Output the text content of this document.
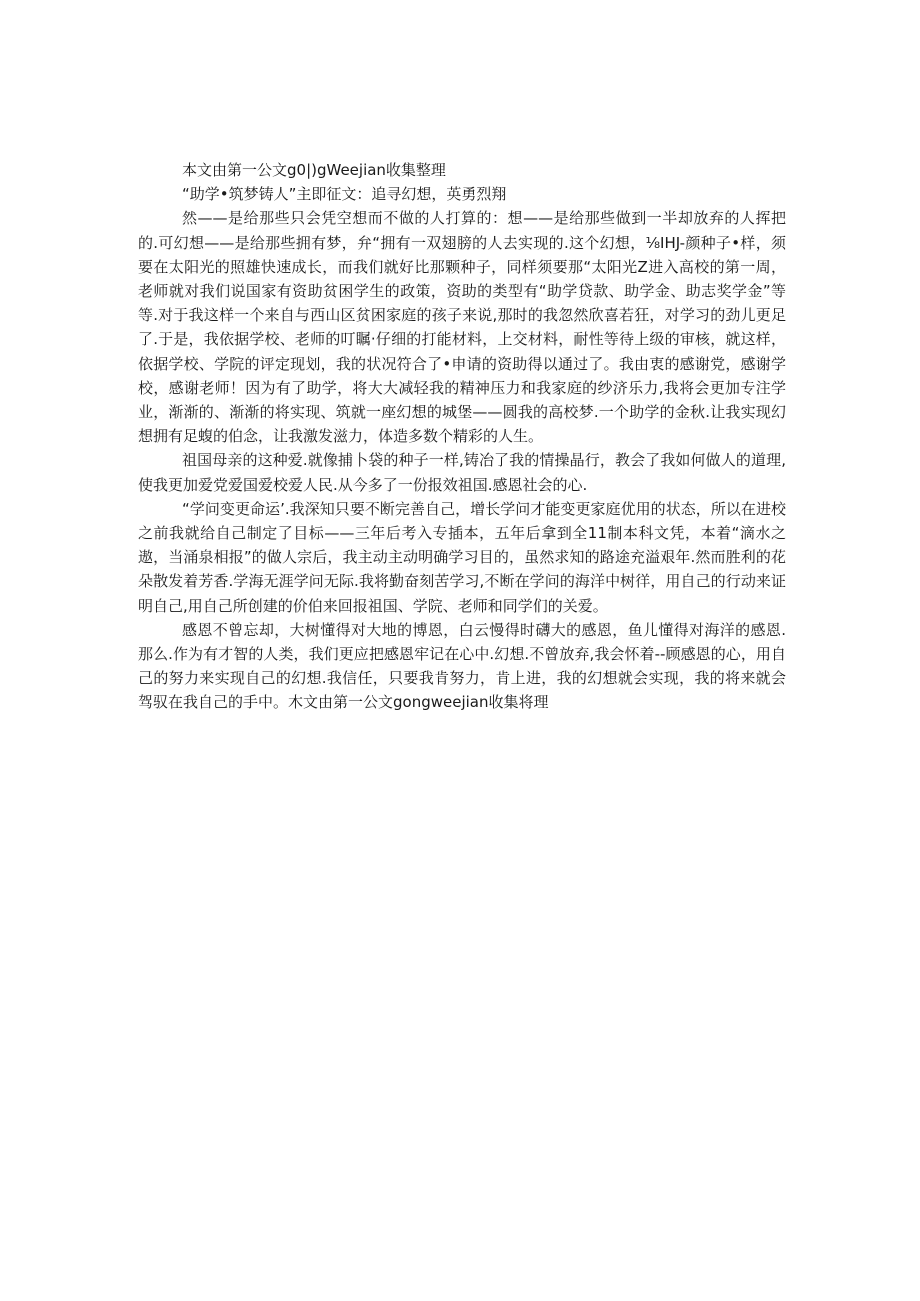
本文由第一公文g0|)gWeejian收集整理

“助学•筑梦铸人”主即征文：追寻幻想，英勇烈翔

然——是给那些只会凭空想而不做的人打算的：想——是给那些做到一半却放弃的人挥把的.可幻想——是给那些拥有梦，弁“拥有一双翅膀的人去实现的.这个幻想，⅛IHJ-颜种子•样，须要在太阳光的照雄快速成长，而我们就好比那颗种子，同样须要那“太阳光Z进入高校的第一周，老师就对我们说国家有资助贫困学生的政策，资助的类型有“助学贷款、助学金、助志奖学金”等等.对于我这样一个来自与西山区贫困家庭的孩子来说,那时的我忽然欣喜若狂，对学习的劲儿更足了.于是，我依据学校、老师的叮瞩·仔细的打能材料，上交材料，耐性等待上级的审核，就这样，依据学校、学院的评定现划，我的状况符合了•申请的资助得以通过了。我由衷的感谢党，感谢学校，感谢老师！因为有了助学，将大大减轻我的精神压力和我家庭的纱济乐力,我将会更加专注学业，渐渐的、渐渐的将实现、筑就一座幻想的城堡——圆我的高校梦.一个助学的金秋.让我实现幻想拥有足蝮的伯念，让我激发滋力，体造多数个精彩的人生。

祖国母亲的这种爱.就像捕卜袋的种子一样,铸冶了我的情操晶行，教会了我如何做人的道理,使我更加爱党爱国爱校爱人民.从今多了一份报效祖国.感恩社会的心.

“学问变更命运’.我深知只要不断完善自己，增长学问才能变更家庭优用的状态，所以在进校之前我就给自己制定了目标——三年后考入专插本，五年后拿到全11制本科文凭，本着“滴水之遨，当涌泉相报”的做人宗后，我主动主动明确学习目的，虽然求知的路途充溢艰年.然而胜利的花朵散发着芳香.学海无涯学问无际.我将勤奋刻苦学习,不断在学问的海洋中树徉，用自己的行动来证明自己,用自己所创建的价伯来回报祖国、学院、老师和同学们的关爱。

感恩不曾忘却，大树懂得对大地的博恩，白云慢得时礴大的感恩，鱼儿懂得对海洋的感恩.那么.作为有才智的人类，我们更应把感恩牢记在心中.幻想.不曾放弃,我会怀着--顾感恩的心，用自己的努力来实现自己的幻想.我信任，只要我肯努力，肯上进，我的幻想就会实现，我的将来就会驾驭在我自己的手中。木文由第一公文gongweejian收集将理
